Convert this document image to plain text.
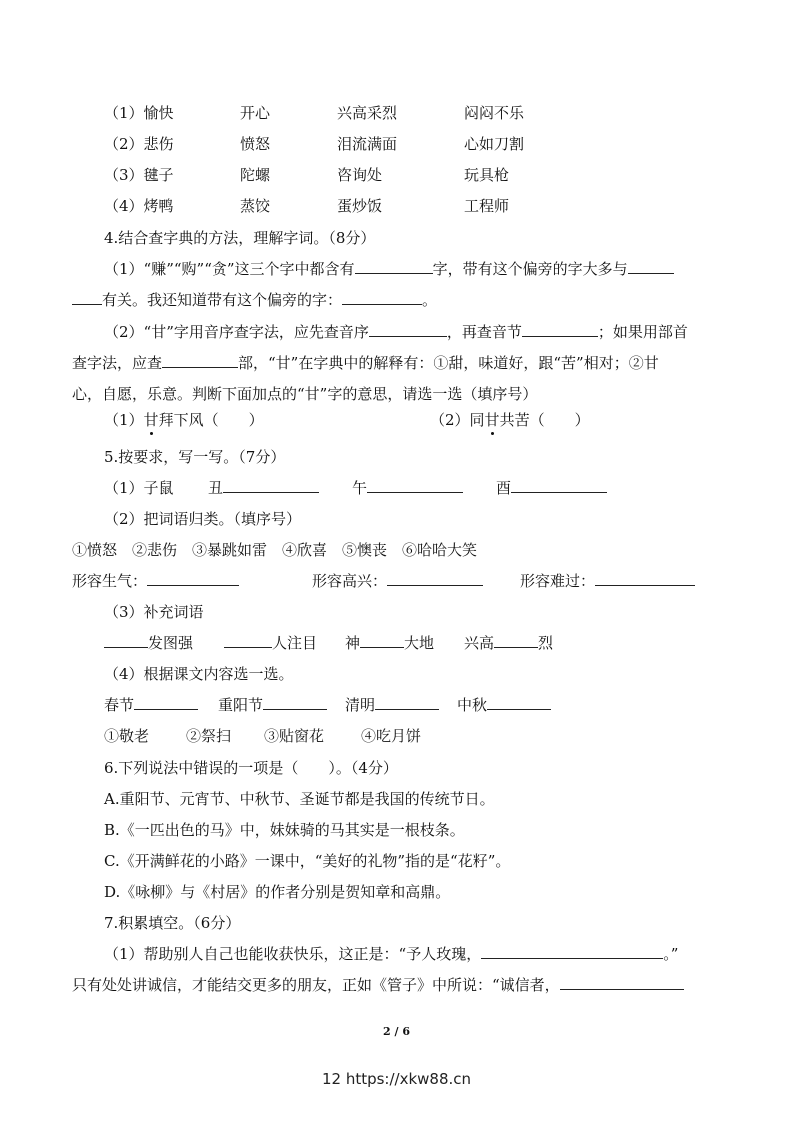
（1）愉快	开心	兴高采烈	闷闷不乐
（2）悲伤	愤怒	泪流满面	心如刀割
（3）毽子	陀螺	咨询处	玩具枪
（4）烤鸭	蒸饺	蛋炒饭	工程师
4.结合查字典的方法，理解字词。（8分）
（1）“赚”“购”“贪”这三个字中都含有	字，带有这个偏旁的字大多与
有关。我还知道带有这个偏旁的字：	。
（2）“甘”字用音序查字法，应先查音序	，再查音节	；如果用部首
查字法，应查	部，“甘”在字典中的解释有：①甜，味道好，跟“苦”相对；②甘
心，自愿，乐意。判断下面加点的“甘”字的意思，请选一选（填序号）
（1）甘拜下风（　　）	（2）同甘共苦（　　）
5.按要求，写一写。（7分）
（1）子鼠 丑	午	酉
（2）把词语归类。（填序号）
①愤怒　②悲伤　③暴跳如雷　④欣喜　⑤懊丧　⑥哈哈大笑
形容生气：	形容高兴：	形容难过：
（3）补充词语
发图强	人注目 神	大地 兴高	烈
（4）根据课文内容选一选。
春节	重阳节	清明	中秋
①敬老 ②祭扫 ③贴窗花 ④吃月饼
6.下列说法中错误的一项是（　　）。（4分）
A.重阳节、元宵节、中秋节、圣诞节都是我国的传统节日。
B.《一匹出色的马》中，妹妹骑的马其实是一根枝条。
C.《开满鲜花的小路》一课中，“美好的礼物”指的是“花籽”。
D.《咏柳》与《村居》的作者分别是贺知章和高鼎。
7.积累填空。（6分）
（1）帮助别人自己也能收获快乐，这正是：“予人玫瑰，	。”
只有处处讲诚信，才能结交更多的朋友，正如《管子》中所说：“诚信者，
2 / 6
12 https://xkw88.cn
